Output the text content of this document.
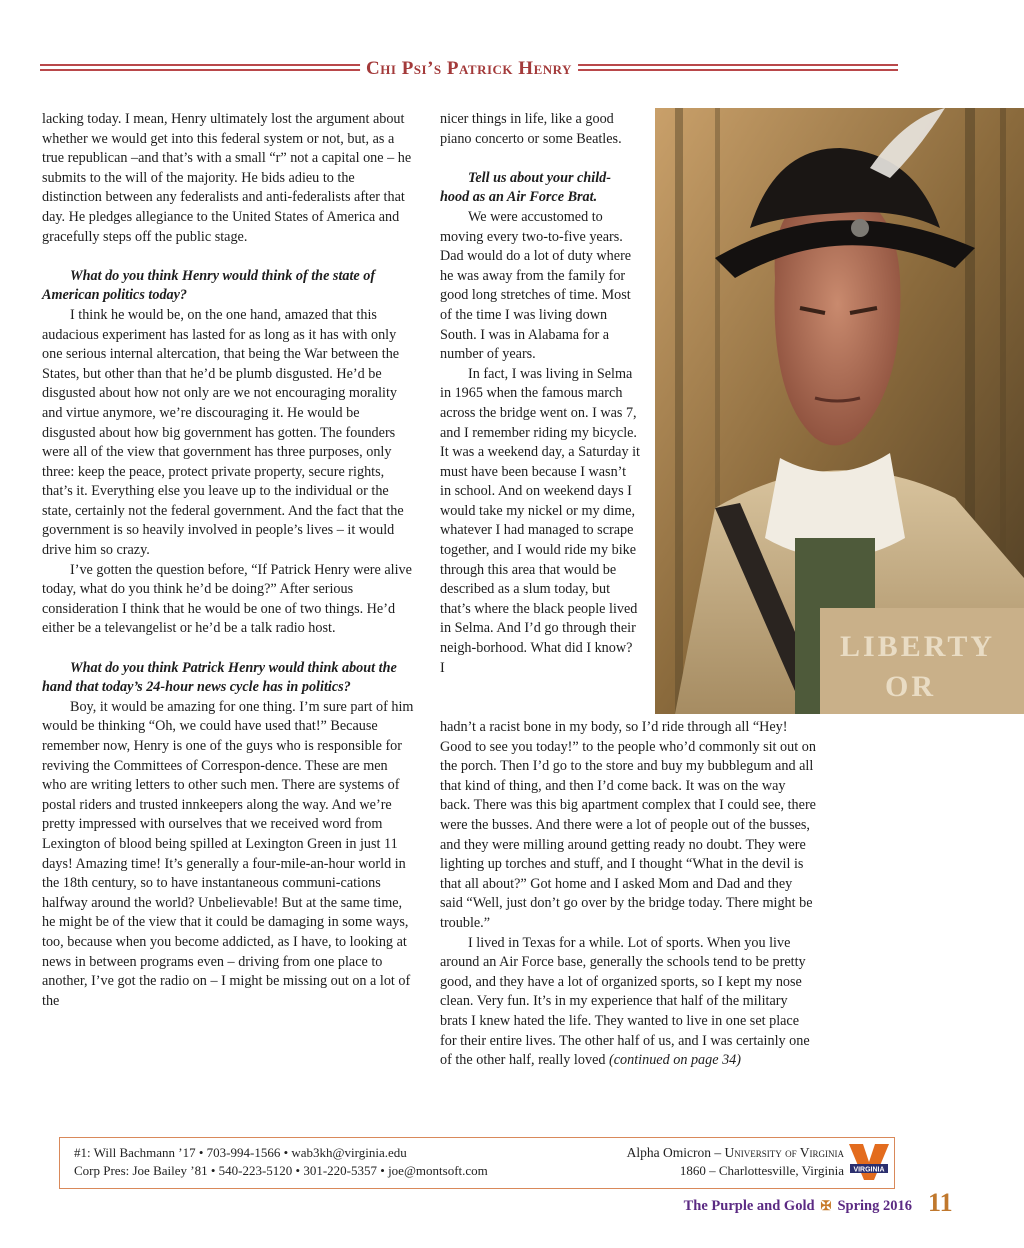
Chi Psi’s Patrick Henry

lacking today. I mean, Henry ultimately lost the argument about whether we would get into this federal system or not, but, as a true republican –and that’s with a small “r” not a capital one – he submits to the will of the majority. He bids adieu to the distinction between any federalists and anti-federalists after that day. He pledges allegiance to the United States of America and gracefully steps off the public stage.

What do you think Henry would think of the state of American politics today?

I think he would be, on the one hand, amazed that this audacious experiment has lasted for as long as it has with only one serious internal altercation, that being the War between the States, but other than that he’d be plumb disgusted. He’d be disgusted about how not only are we not encouraging morality and virtue anymore, we’re discouraging it. He would be disgusted about how big government has gotten. The founders were all of the view that government has three purposes, only three: keep the peace, protect private property, secure rights, that’s it. Everything else you leave up to the individual or the state, certainly not the federal government. And the fact that the government is so heavily involved in people’s lives – it would drive him so crazy.

I’ve gotten the question before, “If Patrick Henry were alive today, what do you think he’d be doing?” After serious consideration I think that he would be one of two things. He’d either be a televangelist or he’d be a talk radio host.

What do you think Patrick Henry would think about the hand that today’s 24-hour news cycle has in politics?

Boy, it would be amazing for one thing. I’m sure part of him would be thinking “Oh, we could have used that!” Because remember now, Henry is one of the guys who is responsible for reviving the Committees of Correspon-dence. These are men who are writing letters to other such men. There are systems of postal riders and trusted innkeepers along the way. And we’re pretty impressed with ourselves that we received word from Lexington of blood being spilled at Lexington Green in just 11 days! Amazing time! It’s generally a four-mile-an-hour world in the 18th century, so to have instantaneous communi-cations halfway around the world? Unbelievable! But at the same time, he might be of the view that it could be damaging in some ways, too, because when you become addicted, as I have, to looking at news in between programs even – driving from one place to another, I’ve got the radio on – I might be missing out on a lot of the

nicer things in life, like a good piano concerto or some Beatles.

Tell us about your child-hood as an Air Force Brat.

We were accustomed to moving every two-to-five years. Dad would do a lot of duty where he was away from the family for good long stretches of time. Most of the time I was living down South. I was in Alabama for a number of years.

In fact, I was living in Selma in 1965 when the famous march across the bridge went on. I was 7, and I remember riding my bicycle. It was a weekend day, a Saturday it must have been because I wasn’t in school. And on weekend days I would take my nickel or my dime, whatever I had managed to scrape together, and I would ride my bike through this area that would be described as a slum today, but that’s where the black people lived in Selma. And I’d go through their neigh-borhood. What did I know? I

hadn’t a racist bone in my body, so I’d ride through all “Hey! Good to see you today!” to the people who’d commonly sit out on the porch. Then I’d go to the store and buy my bubblegum and all that kind of thing, and then I’d come back. It was on the way back. There was this big apartment complex that I could see, there were the busses. And there were a lot of people out of the busses, and they were milling around getting ready no doubt. They were lighting up torches and stuff, and I thought “What in the devil is that all about?” Got home and I asked Mom and Dad and they said “Well, just don’t go over by the bridge today. There might be trouble.”

I lived in Texas for a while. Lot of sports. When you live around an Air Force base, generally the schools tend to be pretty good, and they have a lot of organized sports, so I kept my nose clean. Very fun. It’s in my experience that half of the military brats I knew hated the life. They wanted to live in one set place for their entire lives. The other half of us, and I was certainly one of the other half, really loved (continued on page 34)

LIBERTY
OR
#1: Will Bachmann ’17 • 703-994-1566 • wab3kh@virginia.edu
Corp Pres: Joe Bailey ’81 • 540-223-5120 • 301-220-5357 • joe@montsoft.com
Alpha Omicron – University of Virginia
1860 – Charlottesville, Virginia VIRGINIA
The Purple and Gold ✠ Spring 2016 11
